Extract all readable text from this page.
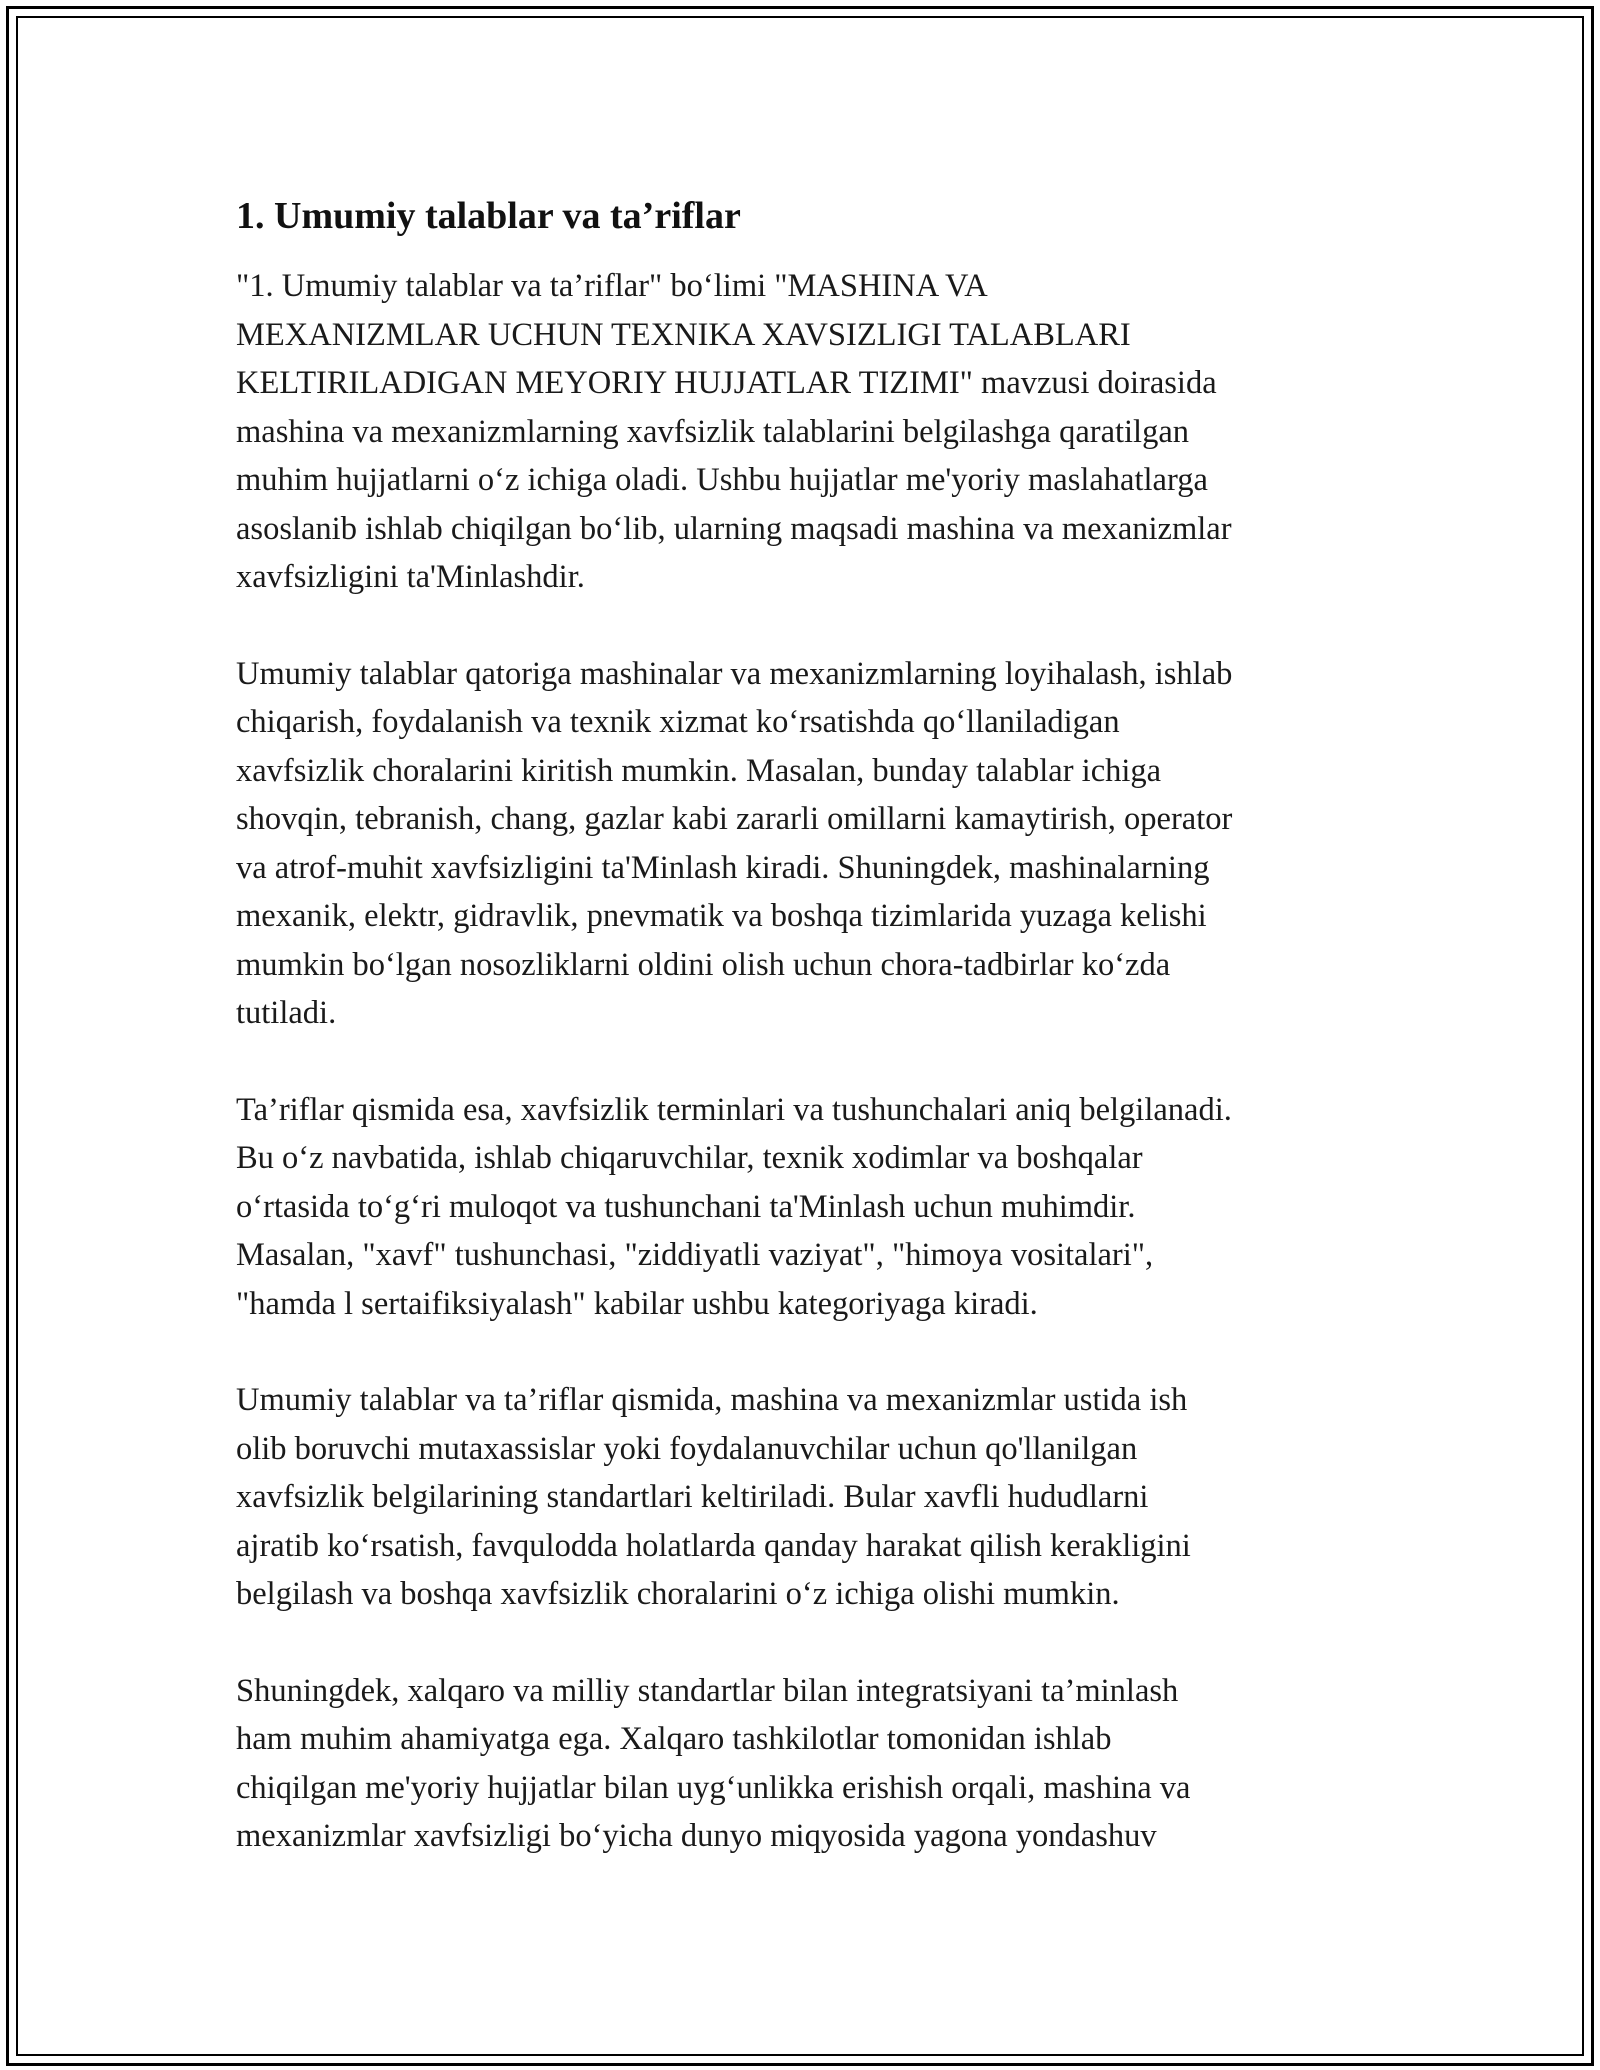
1. Umumiy talablar va ta’riflar
"1. Umumiy talablar va ta’riflar" bo‘limi "MASHINA VA
MEXANIZMLAR UCHUN TEXNIKA XAVSIZLIGI TALABLARI
KELTIRILADIGAN MEYORIY HUJJATLAR TIZIMI" mavzusi doirasida
mashina va mexanizmlarning xavfsizlik talablarini belgilashga qaratilgan
muhim hujjatlarni o‘z ichiga oladi. Ushbu hujjatlar me'yoriy maslahatlarga
asoslanib ishlab chiqilgan bo‘lib, ularning maqsadi mashina va mexanizmlar
xavfsizligini ta'Minlashdir.
Umumiy talablar qatoriga mashinalar va mexanizmlarning loyihalash, ishlab
chiqarish, foydalanish va texnik xizmat ko‘rsatishda qo‘llaniladigan
xavfsizlik choralarini kiritish mumkin. Masalan, bunday talablar ichiga
shovqin, tebranish, chang, gazlar kabi zararli omillarni kamaytirish, operator
va atrof-muhit xavfsizligini ta'Minlash kiradi. Shuningdek, mashinalarning
mexanik, elektr, gidravlik, pnevmatik va boshqa tizimlarida yuzaga kelishi
mumkin bo‘lgan nosozliklarni oldini olish uchun chora-tadbirlar ko‘zda
tutiladi.
Ta’riflar qismida esa, xavfsizlik terminlari va tushunchalari aniq belgilanadi.
Bu o‘z navbatida, ishlab chiqaruvchilar, texnik xodimlar va boshqalar
o‘rtasida to‘g‘ri muloqot va tushunchani ta'Minlash uchun muhimdir.
Masalan, "xavf" tushunchasi, "ziddiyatli vaziyat", "himoya vositalari",
"hamda l sertaifiksiyalash" kabilar ushbu kategoriyaga kiradi.
Umumiy talablar va ta’riflar qismida, mashina va mexanizmlar ustida ish
olib boruvchi mutaxassislar yoki foydalanuvchilar uchun qo'llanilgan
xavfsizlik belgilarining standartlari keltiriladi. Bular xavfli hududlarni
ajratib ko‘rsatish, favqulodda holatlarda qanday harakat qilish kerakligini
belgilash va boshqa xavfsizlik choralarini o‘z ichiga olishi mumkin.
Shuningdek, xalqaro va milliy standartlar bilan integratsiyani ta’minlash
ham muhim ahamiyatga ega. Xalqaro tashkilotlar tomonidan ishlab
chiqilgan me'yoriy hujjatlar bilan uyg‘unlikka erishish orqali, mashina va
mexanizmlar xavfsizligi bo‘yicha dunyo miqyosida yagona yondashuv
